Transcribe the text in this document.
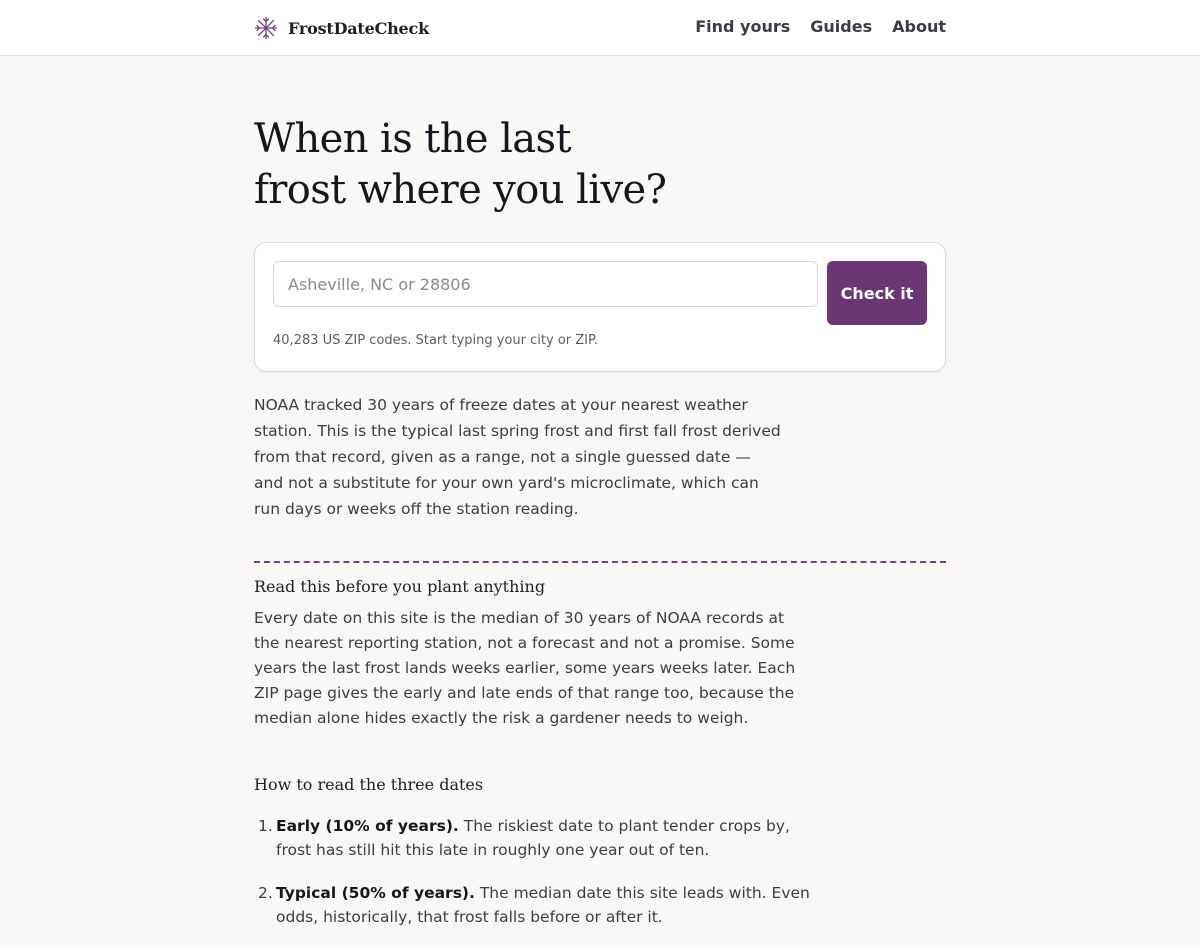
FrostDateCheck	Find yours Guides About
When is the last
frost where you live?
Asheville, NC or 28806
Check it

40,283 US ZIP codes. Start typing your city or ZIP.

NOAA tracked 30 years of freeze dates at your nearest weather station. This is the typical last spring frost and first fall frost derived from that record, given as a range, not a single guessed date — and not a substitute for your own yard's microclimate, which can run days or weeks off the station reading.

Read this before you plant anything

Every date on this site is the median of 30 years of NOAA records at the nearest reporting station, not a forecast and not a promise. Some years the last frost lands weeks earlier, some years weeks later. Each ZIP page gives the early and late ends of that range too, because the median alone hides exactly the risk a gardener needs to weigh.

How to read the three dates
1. Early (10% of years). The riskiest date to plant tender crops by, frost has still hit this late in roughly one year out of ten.
2. Typical (50% of years). The median date this site leads with. Even odds, historically, that frost falls before or after it.
